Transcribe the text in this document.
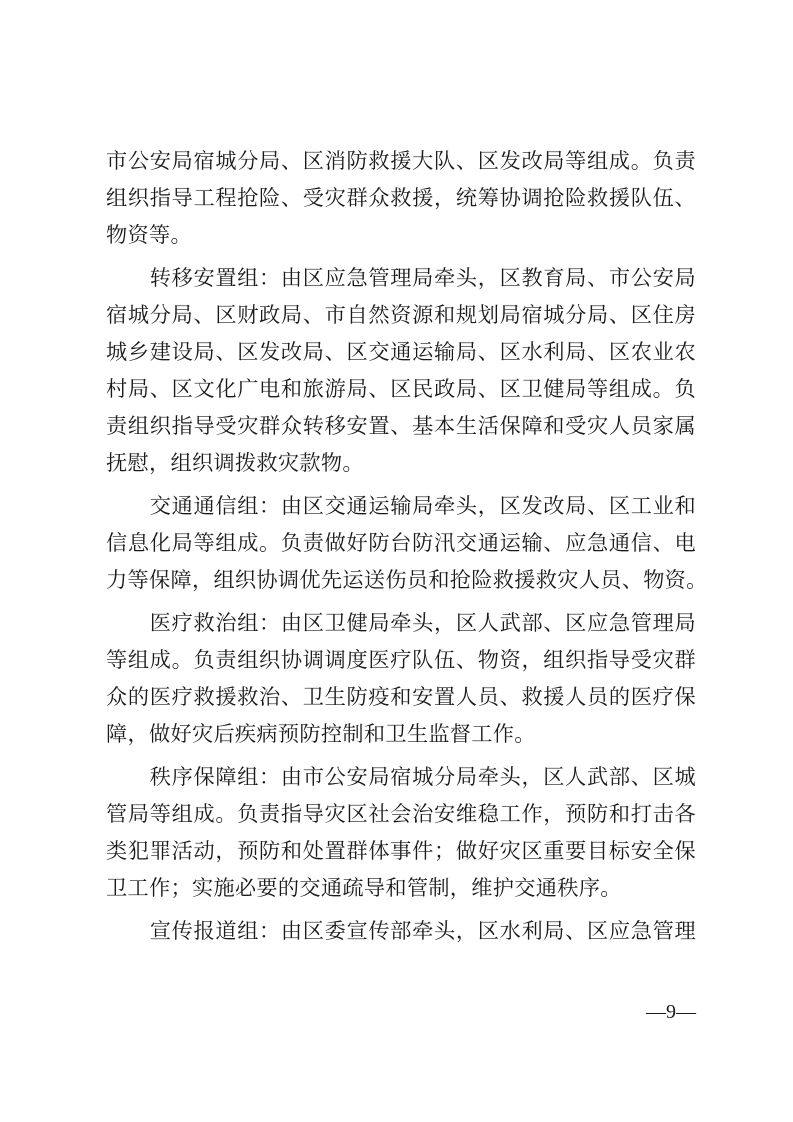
市公安局宿城分局、区消防救援大队、区发改局等组成。负责
组织指导工程抢险、受灾群众救援，统筹协调抢险救援队伍、
物资等。
　　转移安置组：由区应急管理局牵头，区教育局、市公安局
宿城分局、区财政局、市自然资源和规划局宿城分局、区住房
城乡建设局、区发改局、区交通运输局、区水利局、区农业农
村局、区文化广电和旅游局、区民政局、区卫健局等组成。负
责组织指导受灾群众转移安置、基本生活保障和受灾人员家属
抚慰，组织调拨救灾款物。
　　交通通信组：由区交通运输局牵头，区发改局、区工业和
信息化局等组成。负责做好防台防汛交通运输、应急通信、电
力等保障，组织协调优先运送伤员和抢险救援救灾人员、物资。
　　医疗救治组：由区卫健局牵头，区人武部、区应急管理局
等组成。负责组织协调调度医疗队伍、物资，组织指导受灾群
众的医疗救援救治、卫生防疫和安置人员、救援人员的医疗保
障，做好灾后疾病预防控制和卫生监督工作。
　　秩序保障组：由市公安局宿城分局牵头，区人武部、区城
管局等组成。负责指导灾区社会治安维稳工作，预防和打击各
类犯罪活动，预防和处置群体事件；做好灾区重要目标安全保
卫工作；实施必要的交通疏导和管制，维护交通秩序。
　　宣传报道组：由区委宣传部牵头，区水利局、区应急管理
—9—
